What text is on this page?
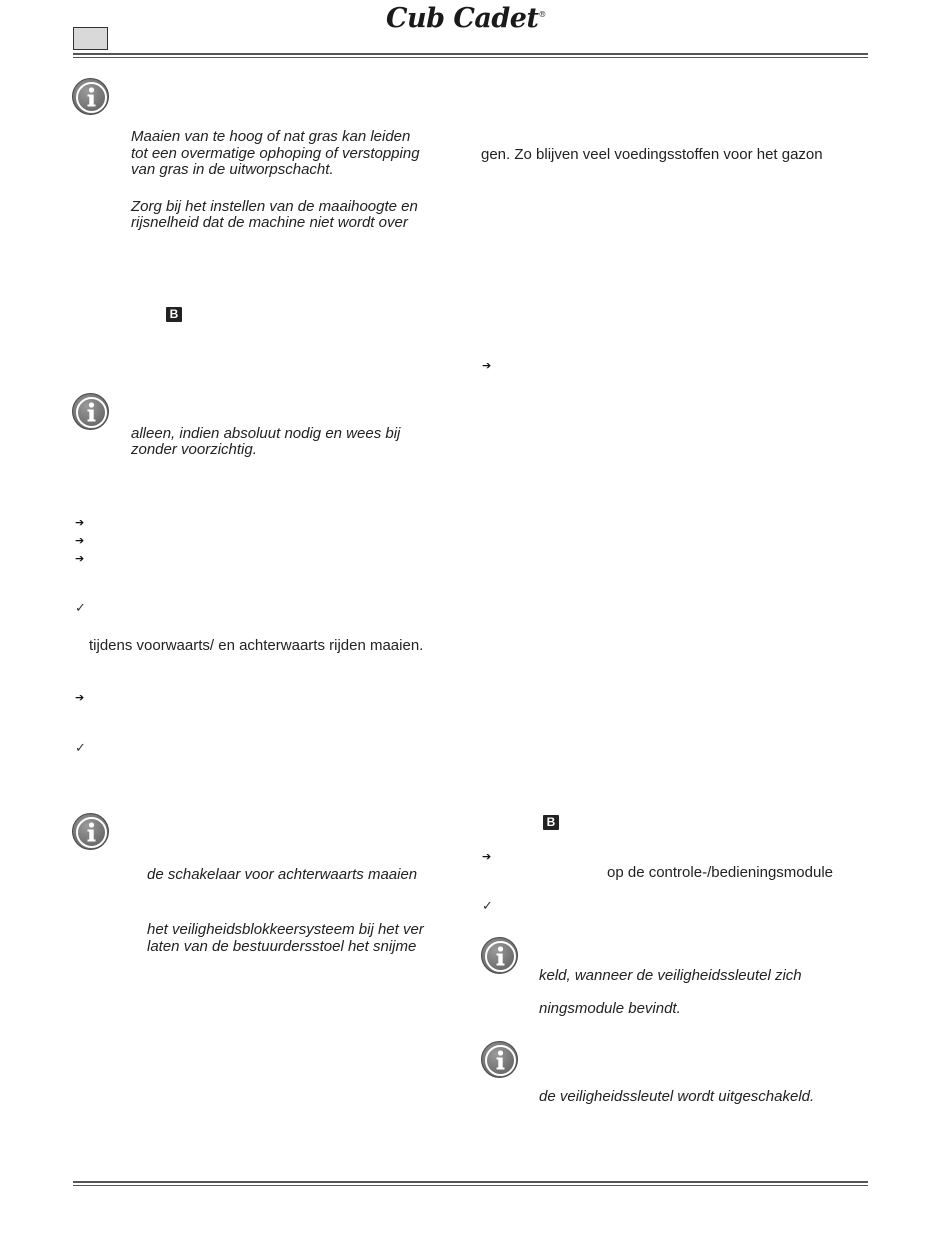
Cub Cadet®
Maaien van te hoog of nat gras kan leiden
tot een overmatige ophoping of verstopping
van gras in de uitworpschacht.
Zorg bij het instellen van de maaihoogte en
rijsnelheid dat de machine niet wordt over
B
alleen, indien absoluut nodig en wees bij
zonder voorzichtig.
➔
➔
➔
✓
tijdens voorwaarts/ en achterwaarts rijden maaien.
➔
✓
de schakelaar voor achterwaarts maaien
het veiligheidsblokkeersysteem bij het ver
laten van de bestuurdersstoel het snijme
gen. Zo blijven veel voedingsstoffen voor het gazon
➔
B
➔
op de controle-/bedieningsmodule
✓
keld, wanneer de veiligheidssleutel zich
ningsmodule bevindt.
de veiligheidssleutel wordt uitgeschakeld.
